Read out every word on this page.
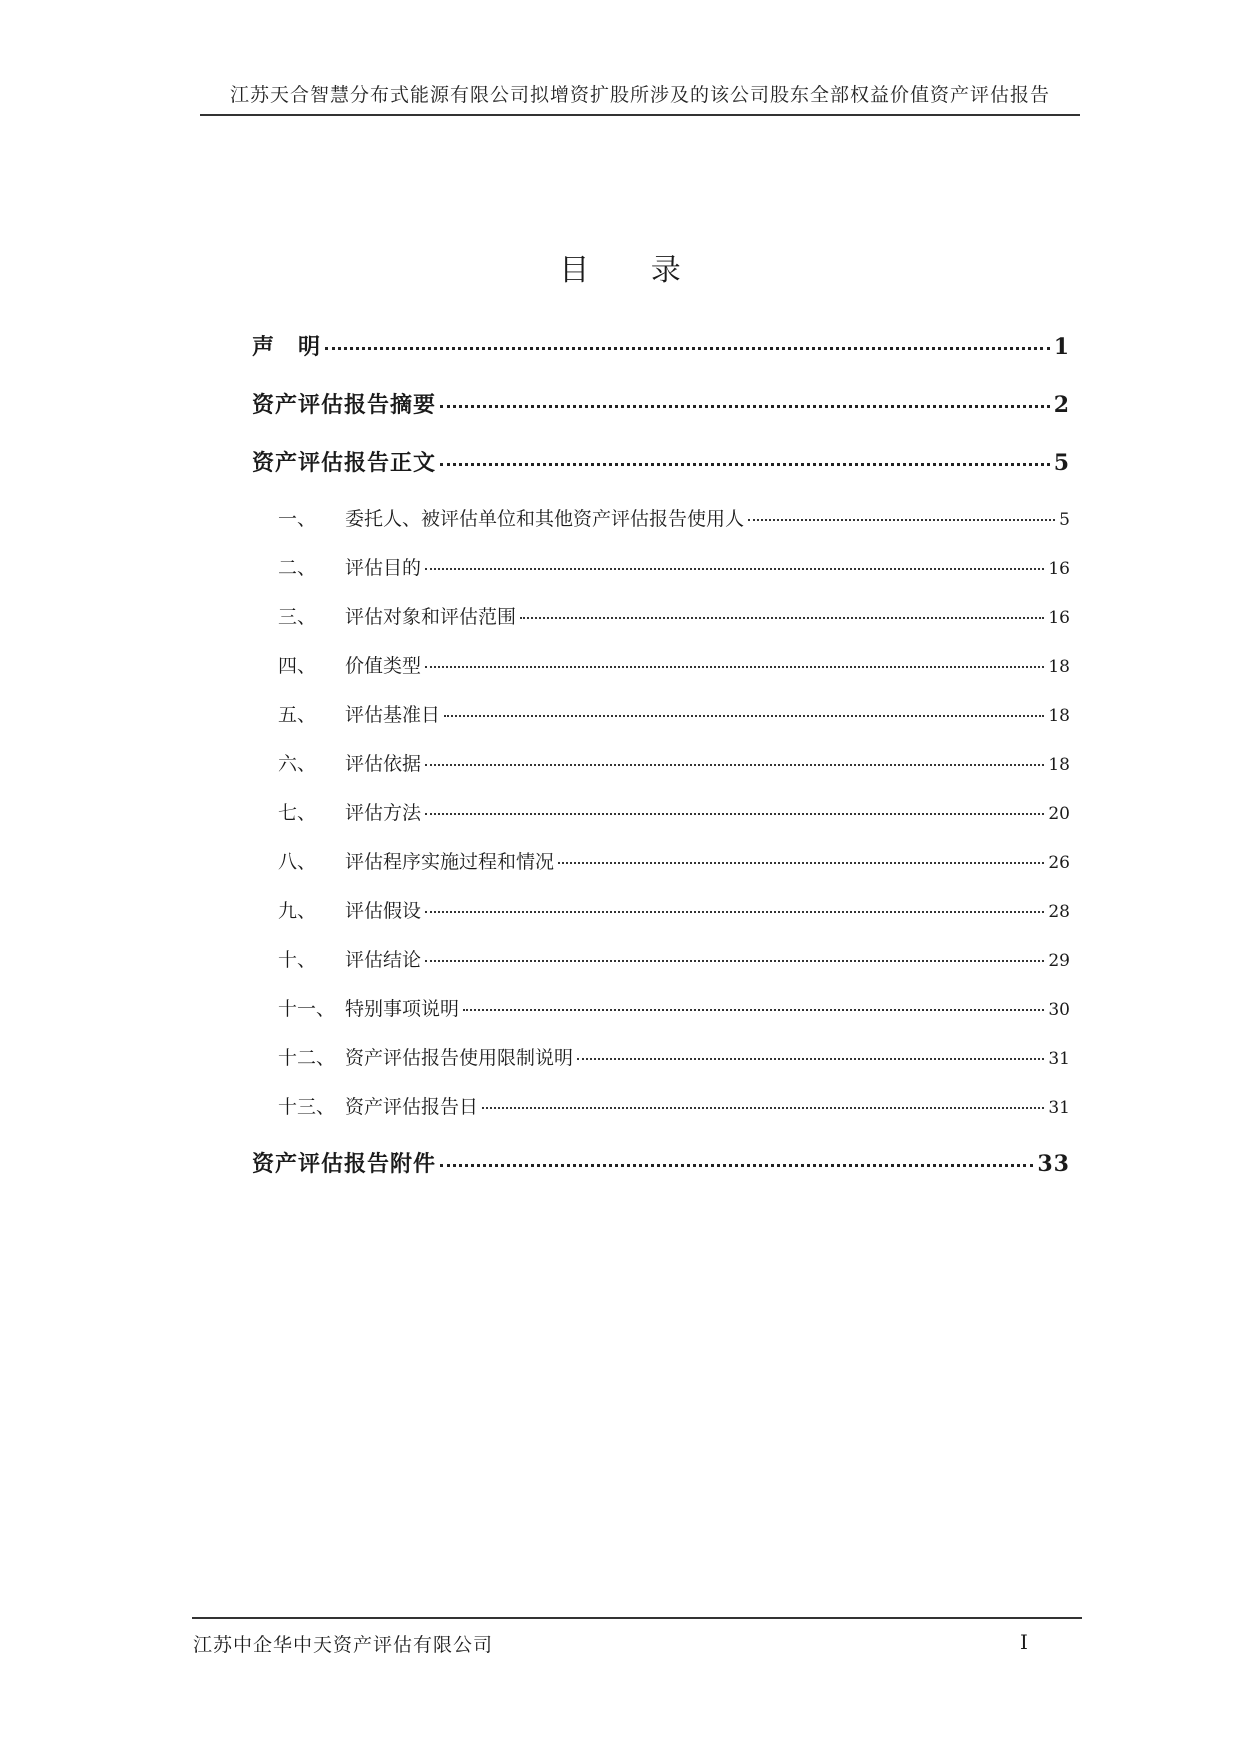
江苏天合智慧分布式能源有限公司拟增资扩股所涉及的该公司股东全部权益价值资产评估报告
目 录
声　明	1
资产评估报告摘要	2
资产评估报告正文	5
一、	委托人、被评估单位和其他资产评估报告使用人	5
二、	评估目的	16
三、	评估对象和评估范围	16
四、	价值类型	18
五、	评估基准日	18
六、	评估依据	18
七、	评估方法	20
八、	评估程序实施过程和情况	26
九、	评估假设	28
十、	评估结论	29
十一、 特别事项说明	30
十二、 资产评估报告使用限制说明	31
十三、 资产评估报告日	31
资产评估报告附件	33
江苏中企华中天资产评估有限公司	I
